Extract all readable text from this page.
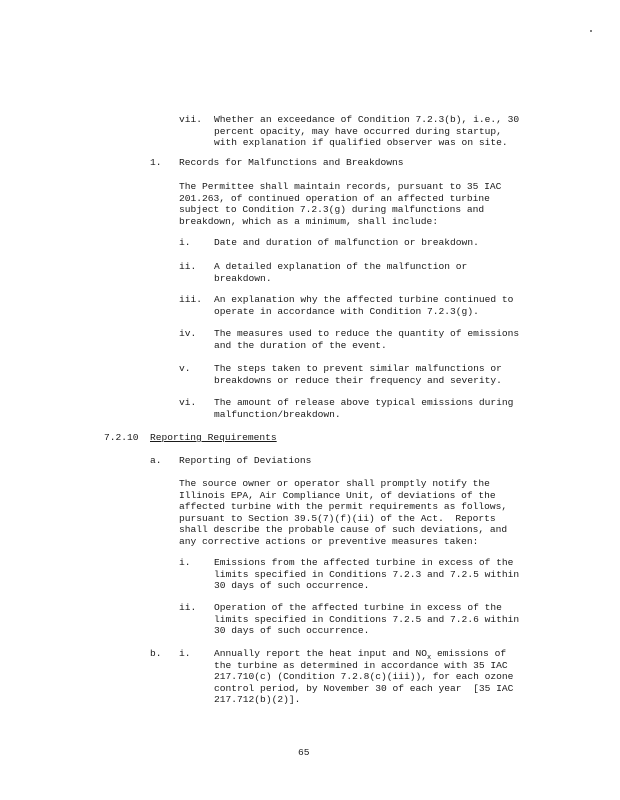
vii. Whether an exceedance of Condition 7.2.3(b), i.e., 30
percent opacity, may have occurred during startup,
with explanation if qualified observer was on site.
1. Records for Malfunctions and Breakdowns
The Permittee shall maintain records, pursuant to 35 IAC
201.263, of continued operation of an affected turbine
subject to Condition 7.2.3(g) during malfunctions and
breakdown, which as a minimum, shall include:
i. Date and duration of malfunction or breakdown.
ii. A detailed explanation of the malfunction or
breakdown.
iii. An explanation why the affected turbine continued to
operate in accordance with Condition 7.2.3(g).
iv. The measures used to reduce the quantity of emissions
and the duration of the event.
v. The steps taken to prevent similar malfunctions or
breakdowns or reduce their frequency and severity.
vi. The amount of release above typical emissions during
malfunction/breakdown.
7.2.10 Reporting Requirements
a. Reporting of Deviations
The source owner or operator shall promptly notify the
Illinois EPA, Air Compliance Unit, of deviations of the
affected turbine with the permit requirements as follows,
pursuant to Section 39.5(7)(f)(ii) of the Act.  Reports
shall describe the probable cause of such deviations, and
any corrective actions or preventive measures taken:
i. Emissions from the affected turbine in excess of the
limits specified in Conditions 7.2.3 and 7.2.5 within
30 days of such occurrence.
ii. Operation of the affected turbine in excess of the
limits specified in Conditions 7.2.5 and 7.2.6 within
30 days of such occurrence.
b. i. Annually report the heat input and $NO_x$ emissions of
the turbine as determined in accordance with 35 IAC
217.710(c) (Condition 7.2.8(c)(iii)), for each ozone
control period, by November 30 of each year  [35 IAC
217.712(b)(2)].
65
